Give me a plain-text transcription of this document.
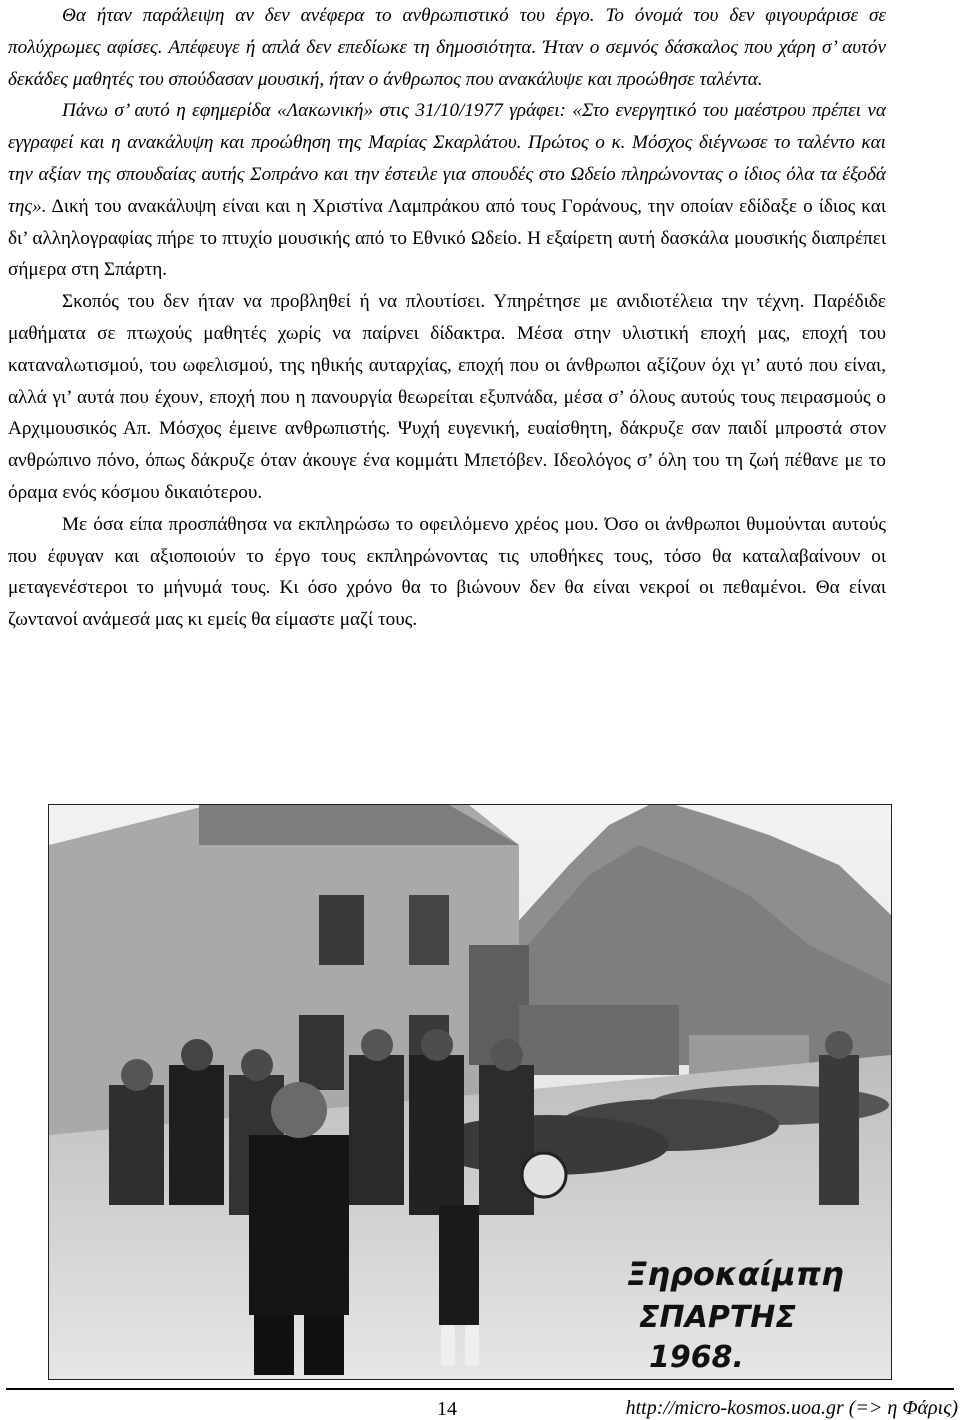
Θα ήταν παράλειψη αν δεν ανέφερα το ανθρωπιστικό του έργο. Το όνομά του δεν φιγουράρισε σε πολύχρωμες αφίσες. Απέφευγε ή απλά δεν επεδίωκε τη δημοσιότητα. Ήταν ο σεμνός δάσκαλος που χάρη σ’ αυτόν δεκάδες μαθητές του σπούδασαν μουσική, ήταν ο άνθρωπος που ανακάλυψε και προώθησε ταλέντα.

Πάνω σ’ αυτό η εφημερίδα «Λακωνική» στις 31/10/1977 γράφει: «Στο ενεργητικό του μαέστρου πρέπει να εγγραφεί και η ανακάλυψη και προώθηση της Μαρίας Σκαρλάτου. Πρώτος ο κ. Μόσχος διέγνωσε το ταλέντο και την αξίαν της σπουδαίας αυτής Σοπράνο και την έστειλε για σπουδές στο Ωδείο πληρώνοντας ο ίδιος όλα τα έξοδά της». Δική του ανακάλυψη είναι και η Χριστίνα Λαμπράκου από τους Γοράνους, την οποίαν εδίδαξε ο ίδιος και δι’ αλληλογραφίας πήρε το πτυχίο μουσικής από το Εθνικό Ωδείο. Η εξαίρετη αυτή δασκάλα μουσικής διαπρέπει σήμερα στη Σπάρτη.

Σκοπός του δεν ήταν να προβληθεί ή να πλουτίσει. Υπηρέτησε με ανιδιοτέλεια την τέχνη. Παρέδιδε μαθήματα σε πτωχούς μαθητές χωρίς να παίρνει δίδακτρα. Μέσα στην υλιστική εποχή μας, εποχή του καταναλωτισμού, του ωφελισμού, της ηθικής αυταρχίας, εποχή που οι άνθρωποι αξίζουν όχι γι’ αυτό που είναι, αλλά γι’ αυτά που έχουν, εποχή που η πανουργία θεωρείται εξυπνάδα, μέσα σ’ όλους αυτούς τους πειρασμούς ο Αρχιμουσικός Απ. Μόσχος έμεινε ανθρωπιστής. Ψυχή ευγενική, ευαίσθητη, δάκρυζε σαν παιδί μπροστά στον ανθρώπινο πόνο, όπως δάκρυζε όταν άκουγε ένα κομμάτι Μπετόβεν. Ιδεολόγος σ’ όλη του τη ζωή πέθανε με το όραμα ενός κόσμου δικαιότερου.

Με όσα είπα προσπάθησα να εκπληρώσω το οφειλόμενο χρέος μου. Όσο οι άνθρωποι θυμούνται αυτούς που έφυγαν και αξιοποιούν το έργο τους εκπληρώνοντας τις υποθήκες τους, τόσο θα καταλαβαίνουν οι μεταγενέστεροι το μήνυμά τους. Κι όσο χρόνο θα το βιώνουν δεν θα είναι νεκροί οι πεθαμένοι. Θα είναι ζωντανοί ανάμεσά μας κι εμείς θα είμαστε μαζί τους.

Ξηροκαίμπη
ΣΠΑΡΤΗΣ
1968.
14	http://micro-kosmos.uoa.gr (=> η Φάρις)
